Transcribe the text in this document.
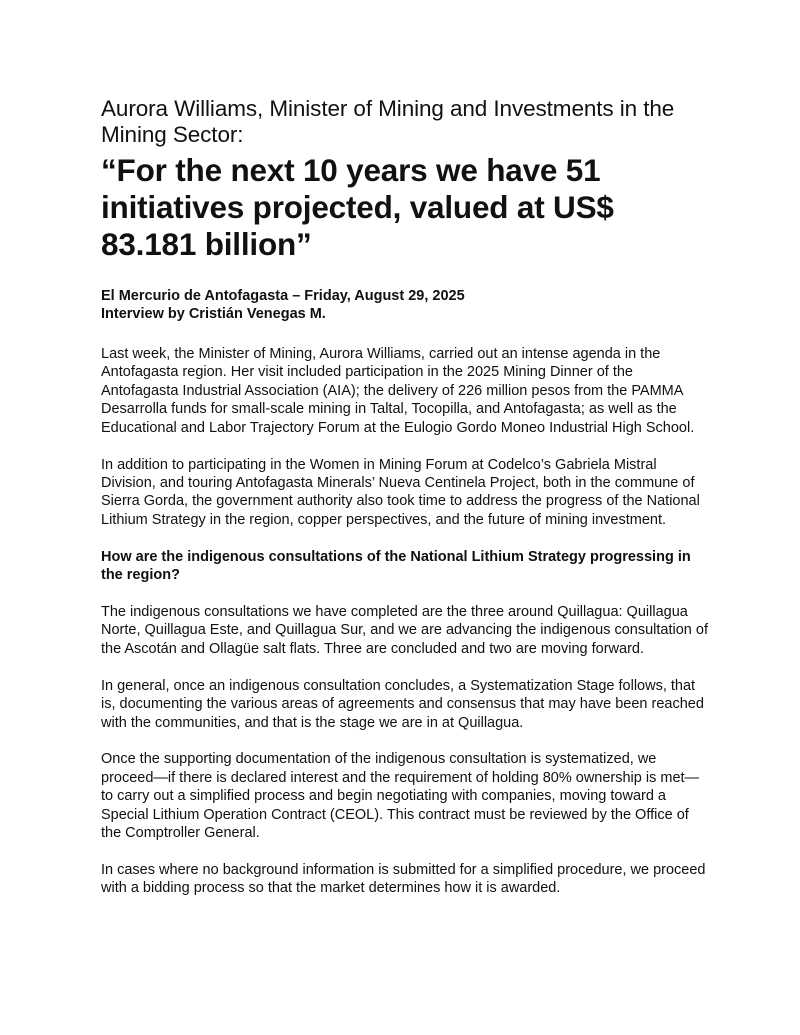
Aurora Williams, Minister of Mining and Investments in the Mining Sector:
“For the next 10 years we have 51 initiatives projected, valued at US$ 83.181 billion”
El Mercurio de Antofagasta – Friday, August 29, 2025
Interview by Cristián Venegas M.

Last week, the Minister of Mining, Aurora Williams, carried out an intense agenda in the Antofagasta region. Her visit included participation in the 2025 Mining Dinner of the Antofagasta Industrial Association (AIA); the delivery of 226 million pesos from the PAMMA Desarrolla funds for small-scale mining in Taltal, Tocopilla, and Antofagasta; as well as the Educational and Labor Trajectory Forum at the Eulogio Gordo Moneo Industrial High School.

In addition to participating in the Women in Mining Forum at Codelco’s Gabriela Mistral Division, and touring Antofagasta Minerals’ Nueva Centinela Project, both in the commune of Sierra Gorda, the government authority also took time to address the progress of the National Lithium Strategy in the region, copper perspectives, and the future of mining investment.

How are the indigenous consultations of the National Lithium Strategy progressing in the region?

The indigenous consultations we have completed are the three around Quillagua: Quillagua Norte, Quillagua Este, and Quillagua Sur, and we are advancing the indigenous consultation of the Ascotán and Ollagüe salt flats. Three are concluded and two are moving forward.

In general, once an indigenous consultation concludes, a Systematization Stage follows, that is, documenting the various areas of agreements and consensus that may have been reached with the communities, and that is the stage we are in at Quillagua.

Once the supporting documentation of the indigenous consultation is systematized, we proceed—if there is declared interest and the requirement of holding 80% ownership is met—to carry out a simplified process and begin negotiating with companies, moving toward a Special Lithium Operation Contract (CEOL). This contract must be reviewed by the Office of the Comptroller General.

In cases where no background information is submitted for a simplified procedure, we proceed with a bidding process so that the market determines how it is awarded.
